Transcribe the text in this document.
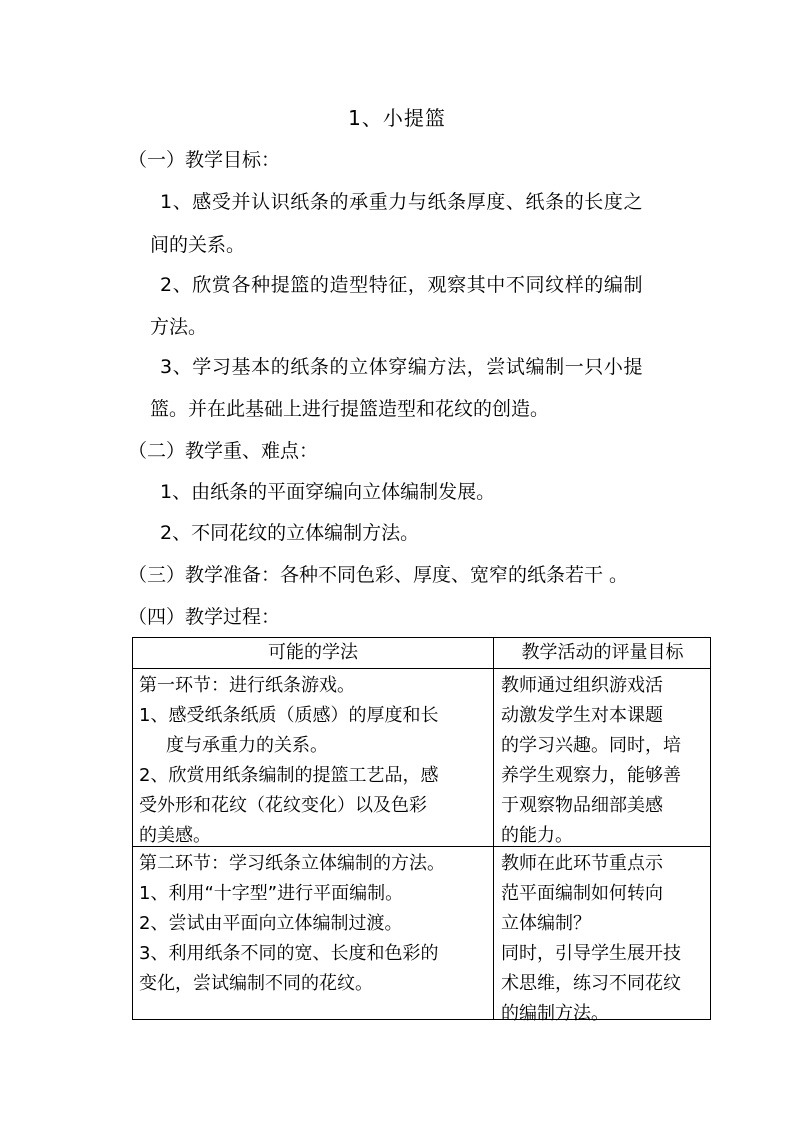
1、小提篮
（一）教学目标：
1、感受并认识纸条的承重力与纸条厚度、纸条的长度之
间的关系。
2、欣赏各种提篮的造型特征，观察其中不同纹样的编制
方法。
3、学习基本的纸条的立体穿编方法，尝试编制一只小提
篮。并在此基础上进行提篮造型和花纹的创造。
（二）教学重、难点：
1、由纸条的平面穿编向立体编制发展。
2、不同花纹的立体编制方法。
（三）教学准备：各种不同色彩、厚度、宽窄的纸条若干 。
（四）教学过程：
可能的学法	教学活动的评量目标
第一环节：进行纸条游戏。
1、感受纸条纸质（质感）的厚度和长
度与承重力的关系。
2、欣赏用纸条编制的提篮工艺品，感
受外形和花纹（花纹变化）以及色彩
的美感。
教师通过组织游戏活
动激发学生对本课题
的学习兴趣。同时，培
养学生观察力，能够善
于观察物品细部美感
的能力。
第二环节：学习纸条立体编制的方法。
1、利用“十字型”进行平面编制。
2、尝试由平面向立体编制过渡。
3、利用纸条不同的宽、长度和色彩的
变化，尝试编制不同的花纹。
教师在此环节重点示
范平面编制如何转向
立体编制？
同时，引导学生展开技
术思维，练习不同花纹
的编制方法。
